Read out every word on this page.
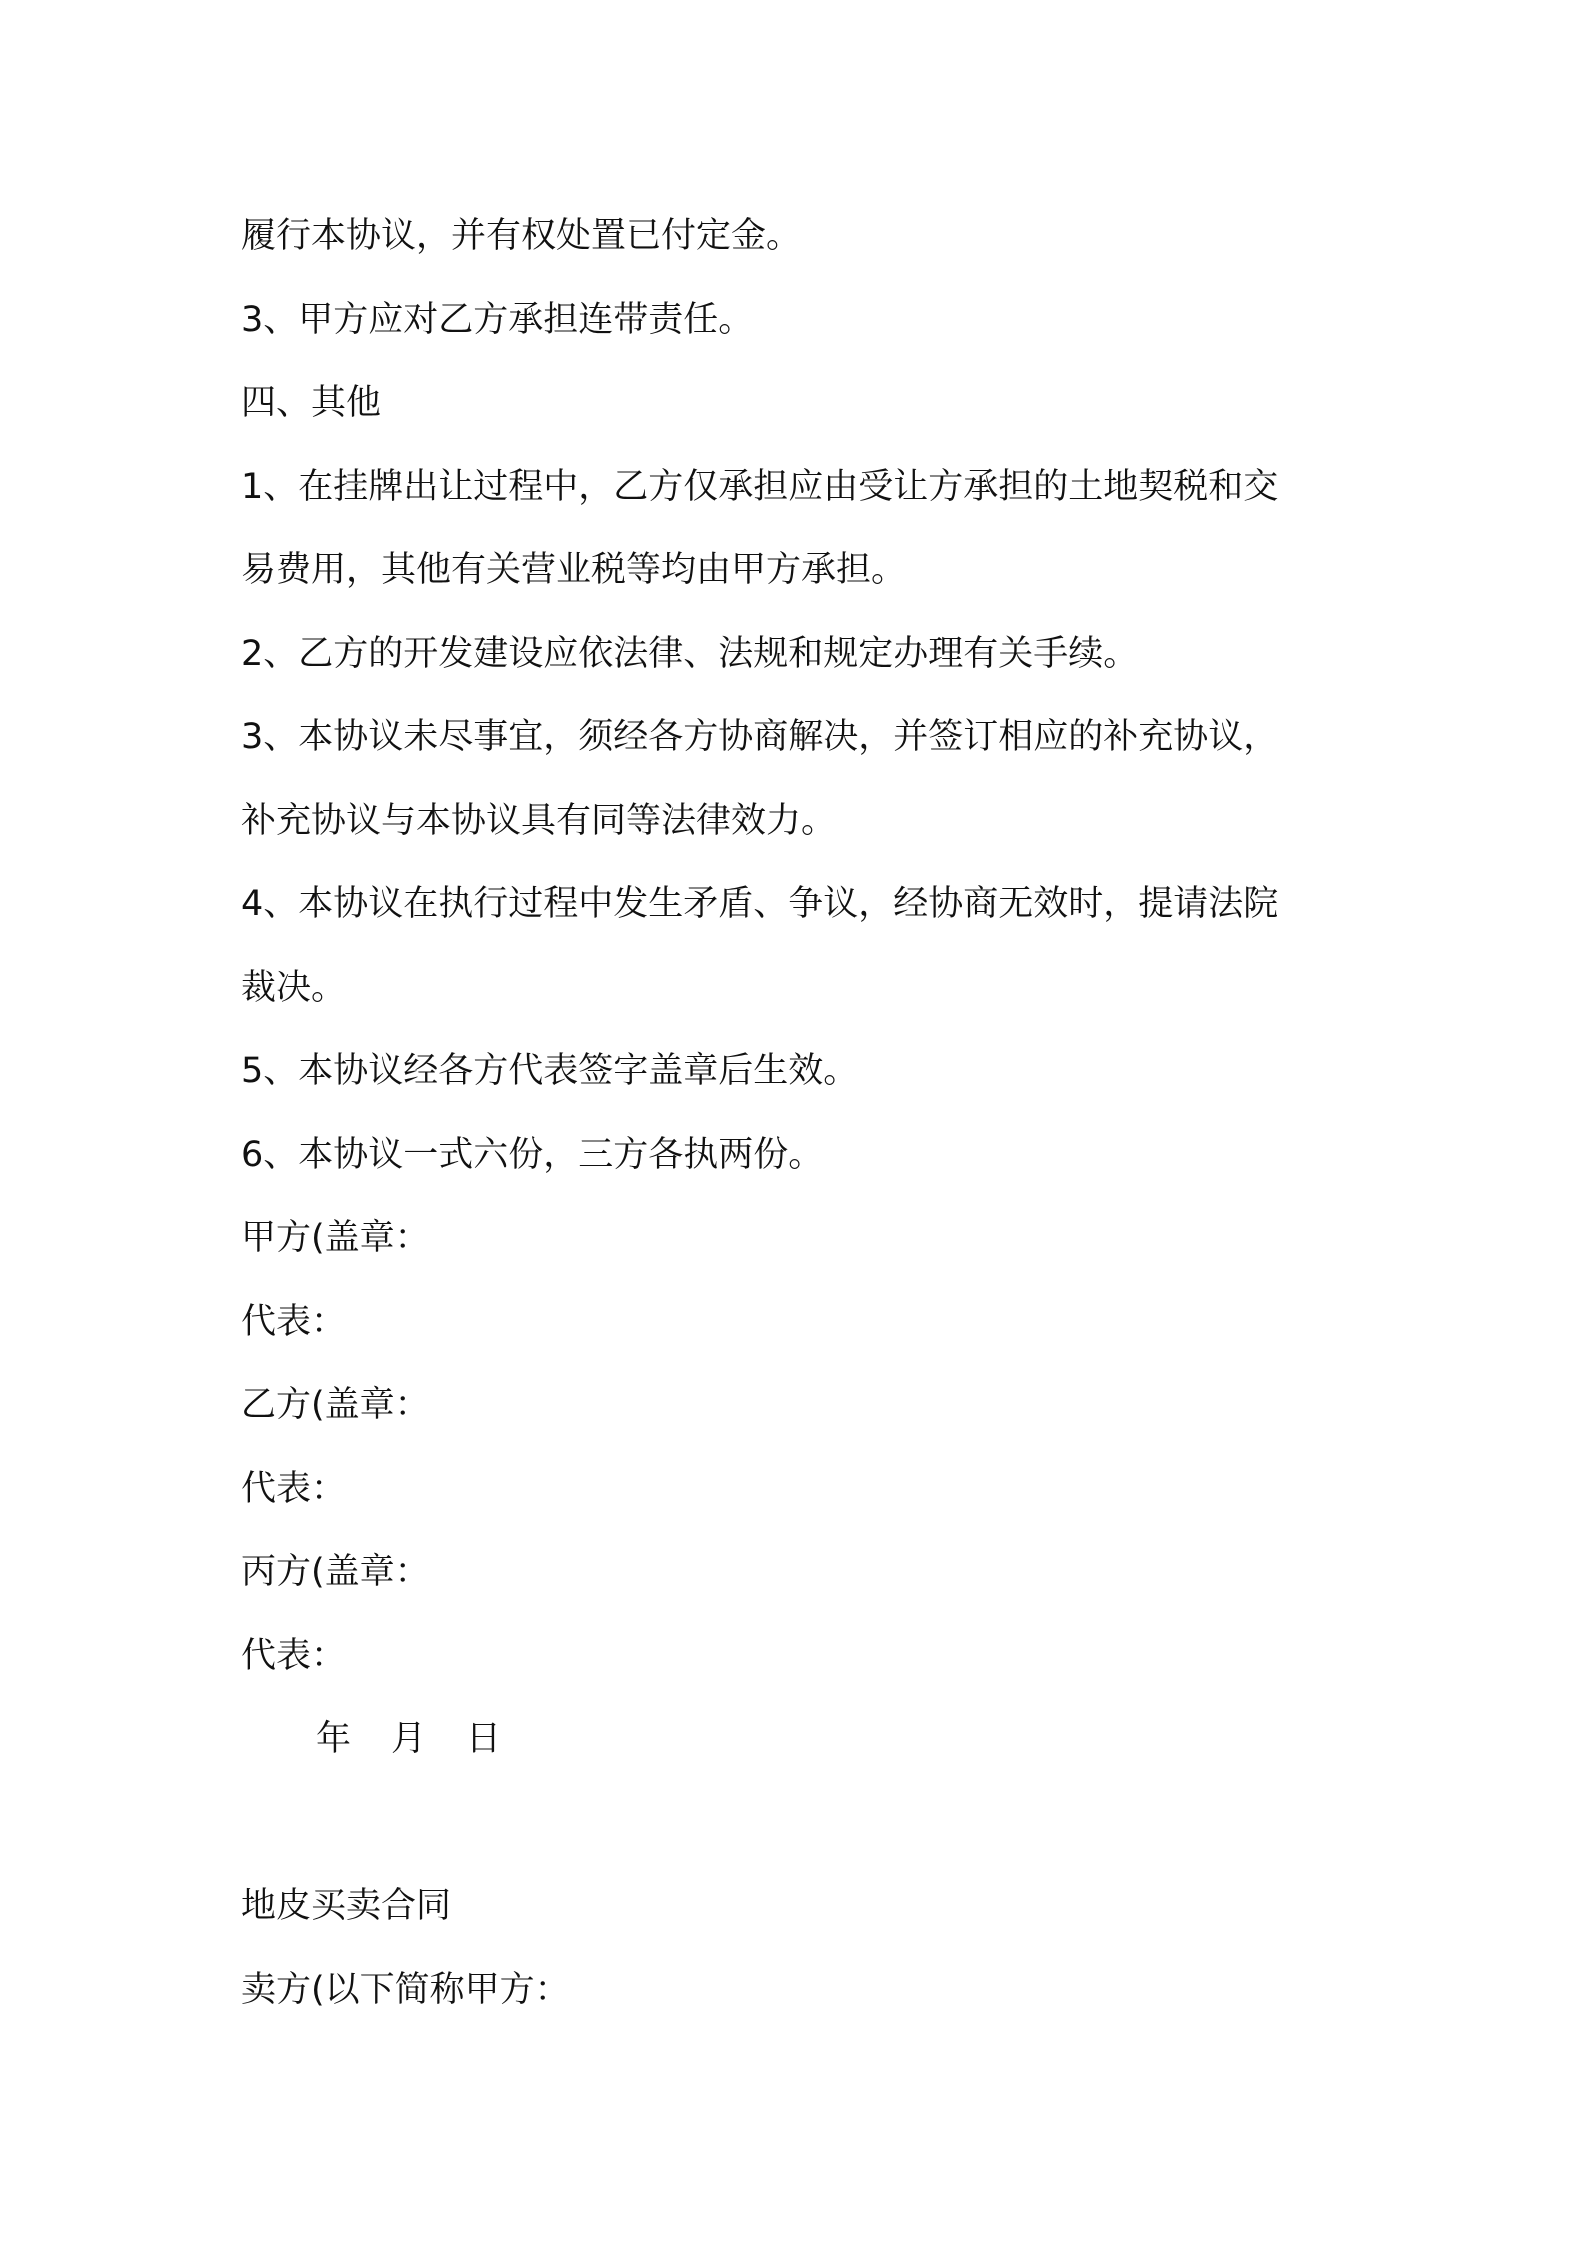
履行本协议，并有权处置已付定金。

3、甲方应对乙方承担连带责任。

四、其他

1、在挂牌出让过程中，乙方仅承担应由受让方承担的土地契税和交

易费用，其他有关营业税等均由甲方承担。

2、乙方的开发建设应依法律、法规和规定办理有关手续。

3、本协议未尽事宜，须经各方协商解决，并签订相应的补充协议，

补充协议与本协议具有同等法律效力。

4、本协议在执行过程中发生矛盾、争议，经协商无效时，提请法院

裁决。

5、本协议经各方代表签字盖章后生效。

6、本协议一式六份，三方各执两份。

甲方(盖章：

代表：

乙方(盖章：

代表：

丙方(盖章：

代表：

年 月 日

地皮买卖合同

卖方(以下简称甲方：
